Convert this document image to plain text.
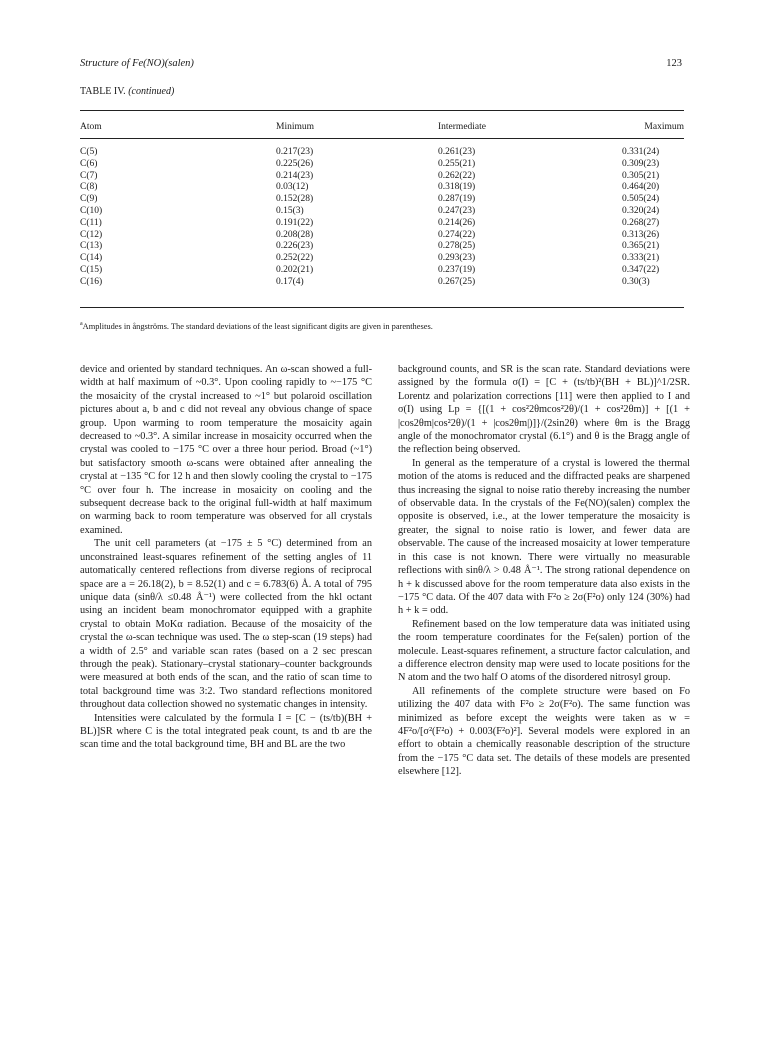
Structure of Fe(NO)(salen)	123
TABLE IV. (continued)
Atom	Minimum	Intermediate	Maximum
C(5)	0.217(23)	0.261(23)	0.331(24)
C(6)	0.225(26)	0.255(21)	0.309(23)
C(7)	0.214(23)	0.262(22)	0.305(21)
C(8)	0.03(12)	0.318(19)	0.464(20)
C(9)	0.152(28)	0.287(19)	0.505(24)
C(10)	0.15(3)	0.247(23)	0.320(24)
C(11)	0.191(22)	0.214(26)	0.268(27)
C(12)	0.208(28)	0.274(22)	0.313(26)
C(13)	0.226(23)	0.278(25)	0.365(21)
C(14)	0.252(22)	0.293(23)	0.333(21)
C(15)	0.202(21)	0.237(19)	0.347(22)
C(16)	0.17(4)	0.267(25)	0.30(3)
$^a$Amplitudes in ångströms. The standard deviations of the least significant digits are given in parentheses.

device and oriented by standard techniques. An ω-scan showed a full-width at half maximum of ~0.3°. Upon cooling rapidly to ~−175 °C the mosaicity of the crystal increased to ~1° but polaroid oscillation pictures about a, b and c did not reveal any obvious change of space group. Upon warming to room temperature the mosaicity again decreased to ~0.3°. A similar increase in mosaicity occurred when the crystal was cooled to −175 °C over a three hour period. Broad (~1°) but satisfactory smooth ω-scans were obtained after annealing the crystal at −135 °C for 12 h and then slowly cooling the crystal to −175 °C over four h. The increase in mosaicity on cooling and the subsequent decrease back to the original full-width at half maximum on warming back to room temperature was observed for all crystals examined.

The unit cell parameters (at −175 ± 5 °C) determined from an unconstrained least-squares refinement of the setting angles of 11 automatically centered reflections from diverse regions of reciprocal space are a = 26.18(2), b = 8.52(1) and c = 6.783(6) Å. A total of 795 unique data (sinθ/λ ≤0.48 Å⁻¹) were collected from the hkl octant using an incident beam monochromator equipped with a graphite crystal to obtain MoKα radiation. Because of the mosaicity of the crystal the ω-scan technique was used. The ω step-scan (19 steps) had a width of 2.5° and variable scan rates (based on a 2 sec prescan through the peak). Stationary–crystal stationary–counter backgrounds were measured at both ends of the scan, and the ratio of scan time to total background time was 3:2. Two standard reflections monitored throughout data collection showed no systematic changes in intensity.

Intensities were calculated by the formula I = [C − (ts/tb)(BH + BL)]SR where C is the total integrated peak count, ts and tb are the scan time and the total background time, BH and BL are the two

background counts, and SR is the scan rate. Standard deviations were assigned by the formula σ(I) = [C + (ts/tb)²(BH + BL)]^1/2SR. Lorentz and polarization corrections [11] were then applied to I and σ(I) using Lp = {[(1 + cos²2θmcos²2θ)/(1 + cos²2θm)] + [(1 + |cos2θm|cos²2θ)/(1 + |cos2θm|)]}/(2sin2θ) where θm is the Bragg angle of the monochromator crystal (6.1°) and θ is the Bragg angle of the reflection being observed.

In general as the temperature of a crystal is lowered the thermal motion of the atoms is reduced and the diffracted peaks are sharpened thus increasing the signal to noise ratio thereby increasing the number of observable data. In the crystals of the Fe(NO)(salen) complex the opposite is observed, i.e., at the lower temperature the mosaicity is greater, the signal to noise ratio is lower, and fewer data are observable. The cause of the increased mosaicity at lower temperature in this case is not known. There were virtually no measurable reflections with sinθ/λ > 0.48 Å⁻¹. The strong rational dependence on h + k discussed above for the room temperature data also exists in the −175 °C data. Of the 407 data with F²o ≥ 2σ(F²o) only 124 (30%) had h + k = odd.

Refinement based on the low temperature data was initiated using the room temperature coordinates for the Fe(salen) portion of the molecule. Least-squares refinement, a structure factor calculation, and a difference electron density map were used to locate positions for the N atom and the two half O atoms of the disordered nitrosyl group.

All refinements of the complete structure were based on Fo utilizing the 407 data with F²o ≥ 2σ(F²o). The same function was minimized as before except the weights were taken as w = 4F²o/[σ²(F²o) + 0.003(F²o)²]. Several models were explored in an effort to obtain a chemically reasonable description of the structure from the −175 °C data set. The details of these models are presented elsewhere [12].
